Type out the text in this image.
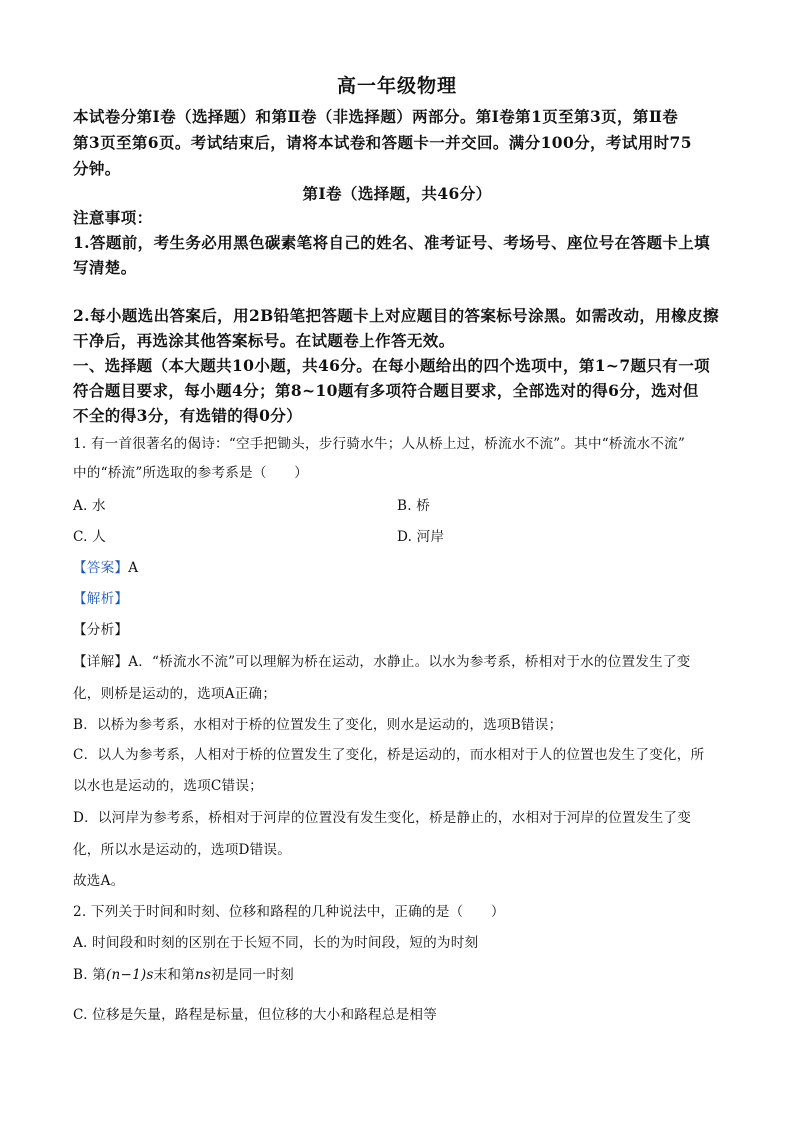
高一年级物理
本试卷分第Ⅰ卷（选择题）和第Ⅱ卷（非选择题）两部分。第Ⅰ卷第1页至第3页，第Ⅱ卷
第3页至第6页。考试结束后，请将本试卷和答题卡一并交回。满分100分，考试用时75
分钟。
第Ⅰ卷（选择题，共46分）
注意事项：
1.答题前，考生务必用黑色碳素笔将自己的姓名、准考证号、考场号、座位号在答题卡上填
写清楚。
2.每小题选出答案后，用2B铅笔把答题卡上对应题目的答案标号涂黑。如需改动，用橡皮擦
干净后，再选涂其他答案标号。在试题卷上作答无效。
一、选择题（本大题共10小题，共46分。在每小题给出的四个选项中，第1~7题只有一项
符合题目要求，每小题4分；第8~10题有多项符合题目要求，全部选对的得6分，选对但
不全的得3分，有选错的得0分）
1. 有一首很著名的偈诗：“空手把锄头，步行骑水牛；人从桥上过，桥流水不流”。其中“桥流水不流”
中的“桥流”所选取的参考系是（　　）
A. 水	B. 桥
C. 人	D. 河岸
【答案】A
【解析】
【分析】
【详解】A．“桥流水不流”可以理解为桥在运动，水静止。以水为参考系，桥相对于水的位置发生了变
化，则桥是运动的，选项A正确；
B．以桥为参考系，水相对于桥的位置发生了变化，则水是运动的，选项B错误；
C．以人为参考系，人相对于桥的位置发生了变化，桥是运动的，而水相对于人的位置也发生了变化，所
以水也是运动的，选项C错误；
D．以河岸为参考系，桥相对于河岸的位置没有发生变化，桥是静止的，水相对于河岸的位置发生了变
化，所以水是运动的，选项D错误。
故选A。
2. 下列关于时间和时刻、位移和路程的几种说法中，正确的是（　　）
A. 时间段和时刻的区别在于长短不同，长的为时间段，短的为时刻
B. 第(n−1)s末和第ns初是同一时刻
C. 位移是矢量，路程是标量，但位移的大小和路程总是相等
